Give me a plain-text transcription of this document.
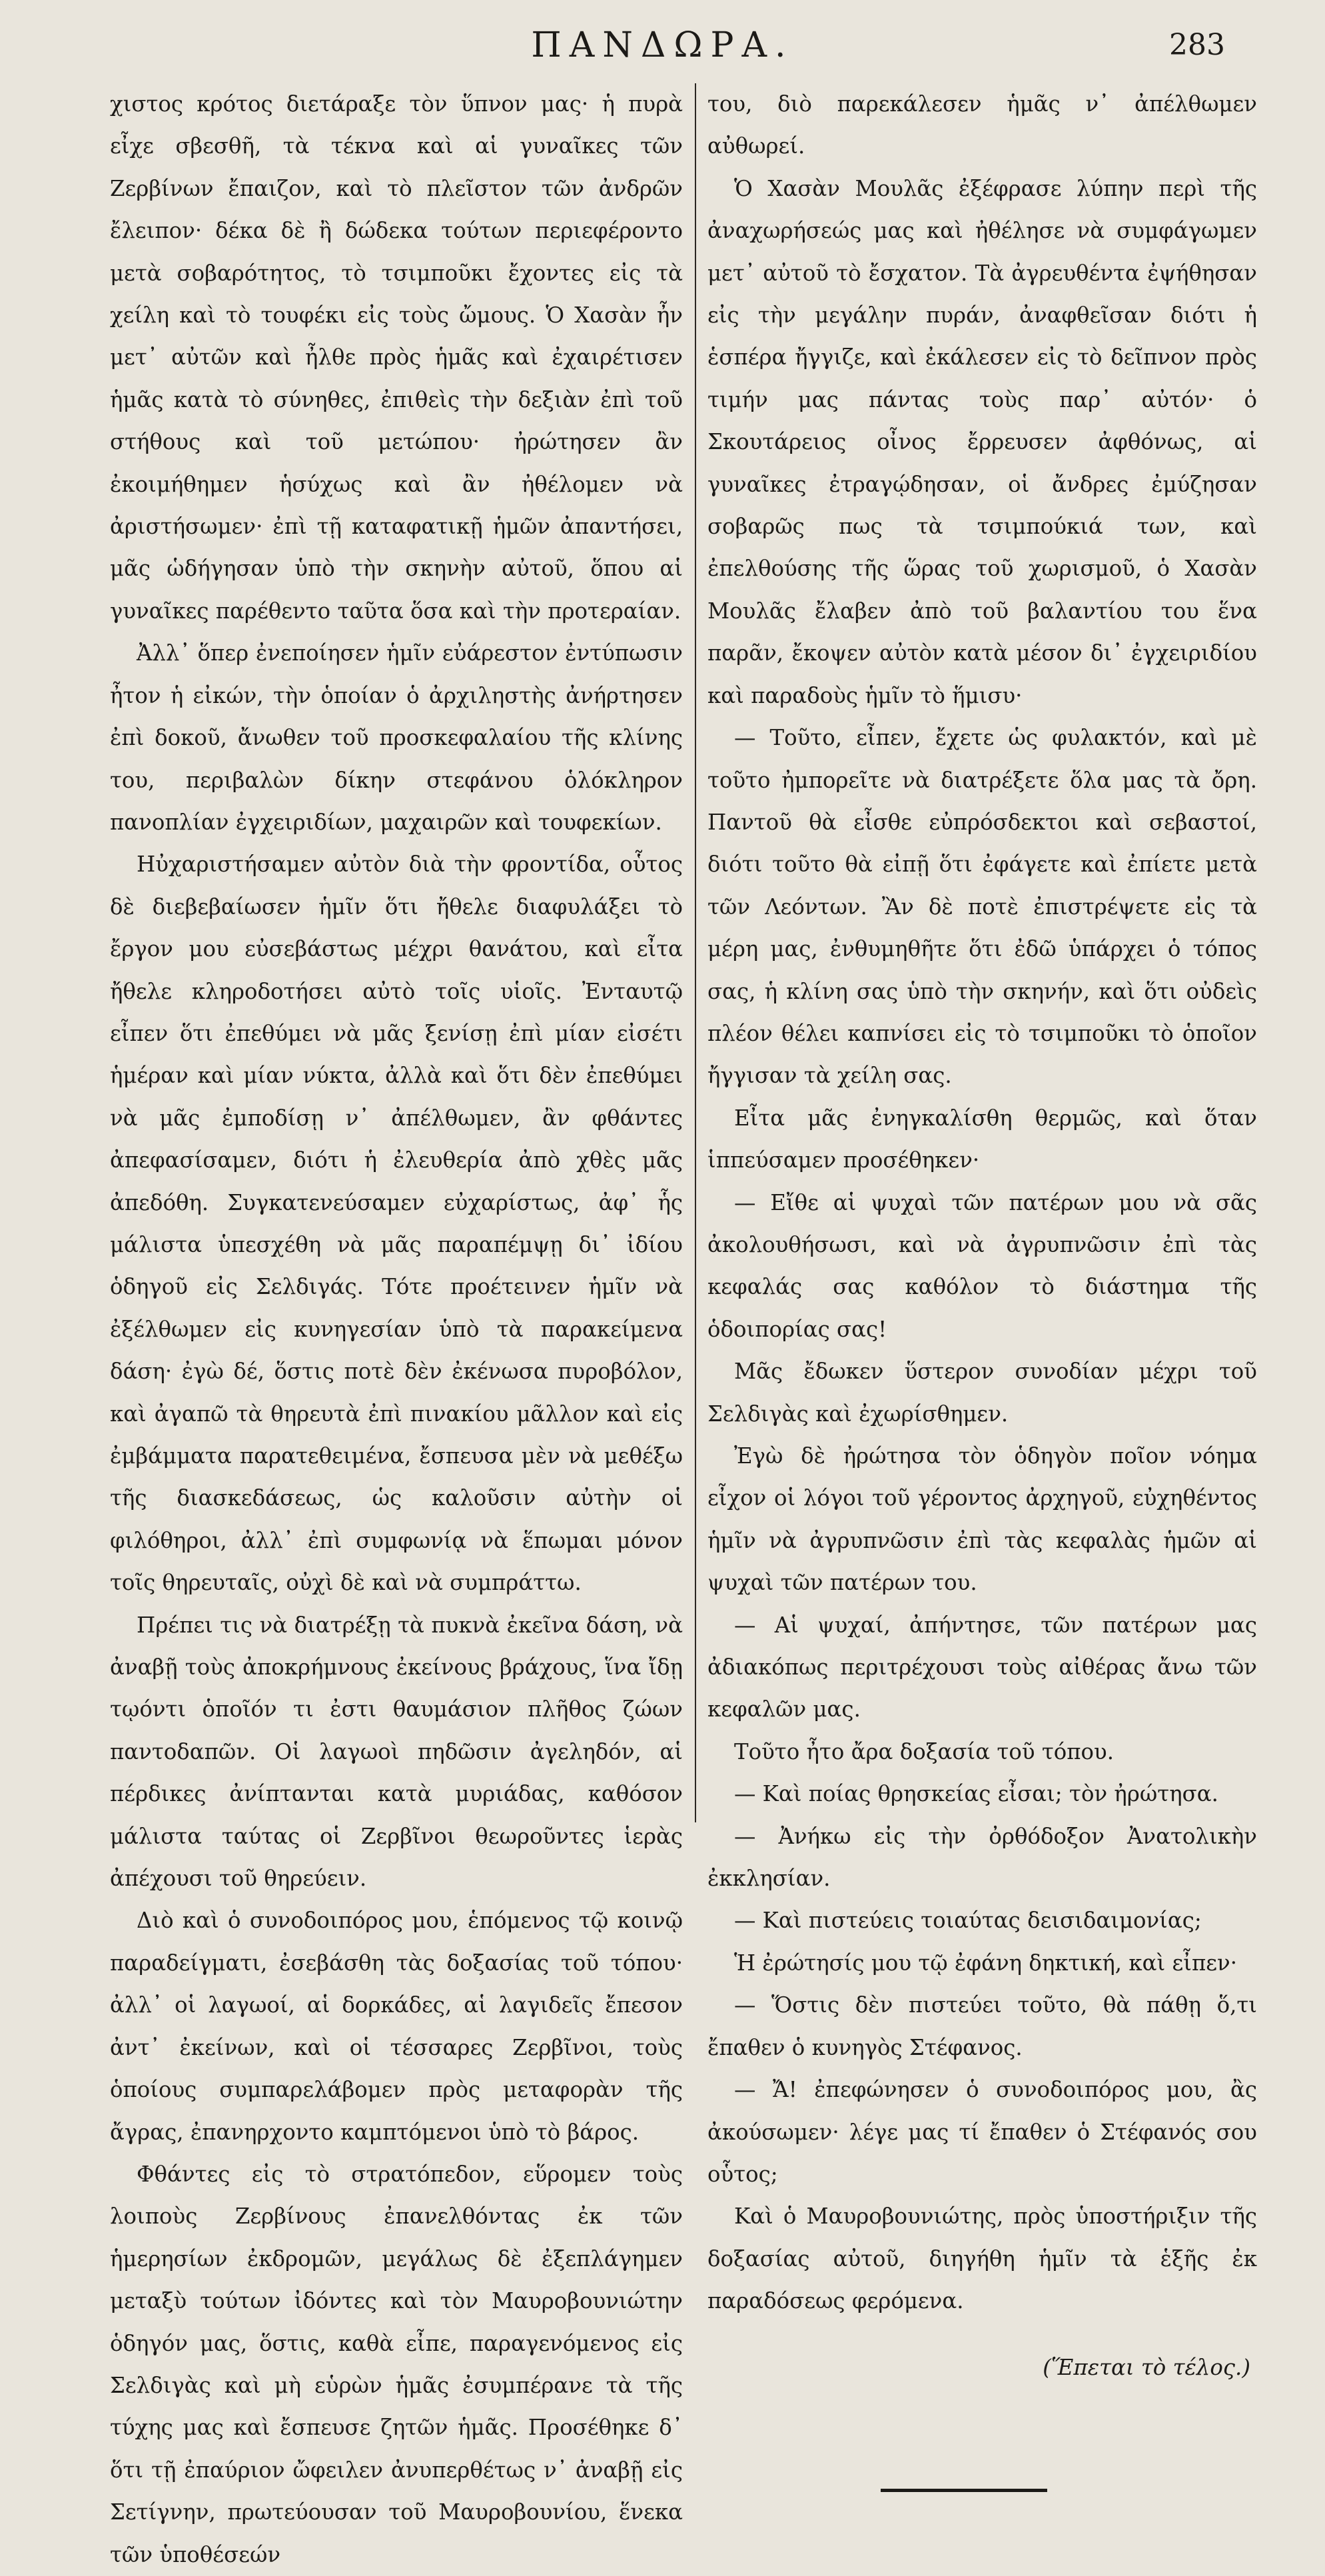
ΠΑΝΔΩΡΑ.	283

χιστος κρότος διετάραξε τὸν ὕπνον μας· ἡ πυρὰ εἶχε σβεσθῆ, τὰ τέκνα καὶ αἱ γυναῖκες τῶν Ζερβίνων ἔπαιζον, καὶ τὸ πλεῖστον τῶν ἀνδρῶν ἔλειπον· δέκα δὲ ἢ δώδεκα τούτων περιεφέροντο μετὰ σοβαρότητος, τὸ τσιμποῦκι ἔχοντες εἰς τὰ χείλη καὶ τὸ τουφέκι εἰς τοὺς ὤμους. Ὁ Χασὰν ἦν μετ᾽ αὐτῶν καὶ ἦλθε πρὸς ἡμᾶς καὶ ἐχαιρέτισεν ἡμᾶς κατὰ τὸ σύνηθες, ἐπιθεὶς τὴν δεξιὰν ἐπὶ τοῦ στήθους καὶ τοῦ μετώπου· ἠρώτησεν ἂν ἐκοιμήθημεν ἡσύχως καὶ ἂν ἠθέλομεν νὰ ἀριστήσωμεν· ἐπὶ τῇ καταφατικῇ ἡμῶν ἀπαντήσει, μᾶς ὡδήγησαν ὑπὸ τὴν σκηνὴν αὐτοῦ, ὅπου αἱ γυναῖκες παρέθεντο ταῦτα ὅσα καὶ τὴν προτεραίαν.

Ἀλλ᾽ ὅπερ ἐνεποίησεν ἡμῖν εὐάρεστον ἐντύπωσιν ἦτον ἡ εἰκών, τὴν ὁποίαν ὁ ἀρχιληστὴς ἀνήρτησεν ἐπὶ δοκοῦ, ἄνωθεν τοῦ προσκεφαλαίου τῆς κλίνης του, περιβαλὼν δίκην στεφάνου ὁλόκληρον πανοπλίαν ἐγχειριδίων, μαχαιρῶν καὶ τουφεκίων.

Ηὐχαριστήσαμεν αὐτὸν διὰ τὴν φροντίδα, οὗτος δὲ διεβεβαίωσεν ἡμῖν ὅτι ἤθελε διαφυλάξει τὸ ἔργον μου εὐσεβάστως μέχρι θανάτου, καὶ εἶτα ἤθελε κληροδοτήσει αὐτὸ τοῖς υἱοῖς. Ἐνταυτῷ εἶπεν ὅτι ἐπεθύμει νὰ μᾶς ξενίσῃ ἐπὶ μίαν εἰσέτι ἡμέραν καὶ μίαν νύκτα, ἀλλὰ καὶ ὅτι δὲν ἐπεθύμει νὰ μᾶς ἐμποδίσῃ ν᾽ ἀπέλθωμεν, ἂν φθάντες ἀπεφασίσαμεν, διότι ἡ ἐλευθερία ἀπὸ χθὲς μᾶς ἀπεδόθη. Συγκατενεύσαμεν εὐχαρίστως, ἀφ᾽ ἧς μάλιστα ὑπεσχέθη νὰ μᾶς παραπέμψῃ δι᾽ ἰδίου ὁδηγοῦ εἰς Σελδιγάς. Τότε προέτεινεν ἡμῖν νὰ ἐξέλθωμεν εἰς κυνηγεσίαν ὑπὸ τὰ παρακείμενα δάση· ἐγὼ δέ, ὅστις ποτὲ δὲν ἐκένωσα πυροβόλον, καὶ ἀγαπῶ τὰ θηρευτὰ ἐπὶ πινακίου μᾶλλον καὶ εἰς ἐμβάμματα παρατεθειμένα, ἔσπευσα μὲν νὰ μεθέξω τῆς διασκεδάσεως, ὡς καλοῦσιν αὐτὴν οἱ φιλόθηροι, ἀλλ᾽ ἐπὶ συμφωνίᾳ νὰ ἕπωμαι μόνον τοῖς θηρευταῖς, οὐχὶ δὲ καὶ νὰ συμπράττω.

Πρέπει τις νὰ διατρέξῃ τὰ πυκνὰ ἐκεῖνα δάση, νὰ ἀναβῇ τοὺς ἀποκρήμνους ἐκείνους βράχους, ἵνα ἴδῃ τῳόντι ὁποῖόν τι ἐστι θαυμάσιον πλῆθος ζώων παντοδαπῶν. Οἱ λαγωοὶ πηδῶσιν ἀγεληδόν, αἱ πέρδικες ἀνίπτανται κατὰ μυριάδας, καθόσον μάλιστα ταύτας οἱ Ζερβῖνοι θεωροῦντες ἱερὰς ἀπέχουσι τοῦ θηρεύειν.

Διὸ καὶ ὁ συνοδοιπόρος μου, ἑπόμενος τῷ κοινῷ παραδείγματι, ἐσεβάσθη τὰς δοξασίας τοῦ τόπου· ἀλλ᾽ οἱ λαγωοί, αἱ δορκάδες, αἱ λαγιδεῖς ἔπεσον ἀντ᾽ ἐκείνων, καὶ οἱ τέσσαρες Ζερβῖνοι, τοὺς ὁποίους συμπαρελάβομεν πρὸς μεταφορὰν τῆς ἄγρας, ἐπανηρχοντο καμπτόμενοι ὑπὸ τὸ βάρος.

Φθάντες εἰς τὸ στρατόπεδον, εὕρομεν τοὺς λοιποὺς Ζερβίνους ἐπανελθόντας ἐκ τῶν ἡμερησίων ἐκδρομῶν, μεγάλως δὲ ἐξεπλάγημεν μεταξὺ τούτων ἰδόντες καὶ τὸν Μαυροβουνιώτην ὁδηγόν μας, ὅστις, καθὰ εἶπε, παραγενόμενος εἰς Σελδιγὰς καὶ μὴ εὑρὼν ἡμᾶς ἐσυμπέρανε τὰ τῆς τύχης μας καὶ ἔσπευσε ζητῶν ἡμᾶς. Προσέθηκε δ᾽ ὅτι τῇ ἐπαύριον ὤφειλεν ἀνυπερθέτως ν᾽ ἀναβῇ εἰς Σετίγνην, πρωτεύουσαν τοῦ Μαυροβουνίου, ἕνεκα τῶν ὑποθέσεών

του, διὸ παρεκάλεσεν ἡμᾶς ν᾽ ἀπέλθωμεν αὐθωρεί.

Ὁ Χασὰν Μουλᾶς ἐξέφρασε λύπην περὶ τῆς ἀναχωρήσεώς μας καὶ ἠθέλησε νὰ συμφάγωμεν μετ᾽ αὐτοῦ τὸ ἔσχατον. Τὰ ἀγρευθέντα ἐψήθησαν εἰς τὴν μεγάλην πυράν, ἀναφθεῖσαν διότι ἡ ἑσπέρα ἤγγιζε, καὶ ἐκάλεσεν εἰς τὸ δεῖπνον πρὸς τιμήν μας πάντας τοὺς παρ᾽ αὐτόν· ὁ Σκουτάρειος οἶνος ἔρρευσεν ἀφθόνως, αἱ γυναῖκες ἐτραγῴδησαν, οἱ ἄνδρες ἐμύζησαν σοβαρῶς πως τὰ τσιμπούκιά των, καὶ ἐπελθούσης τῆς ὥρας τοῦ χωρισμοῦ, ὁ Χασὰν Μουλᾶς ἔλαβεν ἀπὸ τοῦ βαλαντίου του ἕνα παρᾶν, ἔκοψεν αὐτὸν κατὰ μέσον δι᾽ ἐγχειριδίου καὶ παραδοὺς ἡμῖν τὸ ἥμισυ·

— Τοῦτο, εἶπεν, ἔχετε ὡς φυλακτόν, καὶ μὲ τοῦτο ἠμπορεῖτε νὰ διατρέξετε ὅλα μας τὰ ὄρη. Παντοῦ θὰ εἶσθε εὐπρόσδεκτοι καὶ σεβαστοί, διότι τοῦτο θὰ εἰπῇ ὅτι ἐφάγετε καὶ ἐπίετε μετὰ τῶν Λεόντων. Ἂν δὲ ποτὲ ἐπιστρέψετε εἰς τὰ μέρη μας, ἐνθυμηθῆτε ὅτι ἐδῶ ὑπάρχει ὁ τόπος σας, ἡ κλίνη σας ὑπὸ τὴν σκηνήν, καὶ ὅτι οὐδεὶς πλέον θέλει καπνίσει εἰς τὸ τσιμποῦκι τὸ ὁποῖον ἤγγισαν τὰ χείλη σας.

Εἶτα μᾶς ἐνηγκαλίσθη θερμῶς, καὶ ὅταν ἱππεύσαμεν προσέθηκεν·

— Εἴθε αἱ ψυχαὶ τῶν πατέρων μου νὰ σᾶς ἀκολουθήσωσι, καὶ νὰ ἀγρυπνῶσιν ἐπὶ τὰς κεφαλάς σας καθόλον τὸ διάστημα τῆς ὁδοιπορίας σας!

Μᾶς ἔδωκεν ὕστερον συνοδίαν μέχρι τοῦ Σελδιγὰς καὶ ἐχωρίσθημεν.

Ἐγὼ δὲ ἠρώτησα τὸν ὁδηγὸν ποῖον νόημα εἶχον οἱ λόγοι τοῦ γέροντος ἀρχηγοῦ, εὐχηθέντος ἡμῖν νὰ ἀγρυπνῶσιν ἐπὶ τὰς κεφαλὰς ἡμῶν αἱ ψυχαὶ τῶν πατέρων του.

— Αἱ ψυχαί, ἀπήντησε, τῶν πατέρων μας ἀδιακόπως περιτρέχουσι τοὺς αἰθέρας ἄνω τῶν κεφαλῶν μας.

Τοῦτο ἦτο ἄρα δοξασία τοῦ τόπου.

— Καὶ ποίας θρησκείας εἶσαι; τὸν ἠρώτησα.

— Ἀνήκω εἰς τὴν ὀρθόδοξον Ἀνατολικὴν ἐκκλησίαν.

— Καὶ πιστεύεις τοιαύτας δεισιδαιμονίας;

Ἡ ἐρώτησίς μου τῷ ἐφάνη δηκτική, καὶ εἶπεν·

— Ὅστις δὲν πιστεύει τοῦτο, θὰ πάθῃ ὅ,τι ἔπαθεν ὁ κυνηγὸς Στέφανος.

— Ἄ! ἐπεφώνησεν ὁ συνοδοιπόρος μου, ἂς ἀκούσωμεν· λέγε μας τί ἔπαθεν ὁ Στέφανός σου οὗτος;

Καὶ ὁ Μαυροβουνιώτης, πρὸς ὑποστήριξιν τῆς δοξασίας αὐτοῦ, διηγήθη ἡμῖν τὰ ἑξῆς ἐκ παραδόσεως φερόμενα.

(Ἕπεται τὸ τέλος.)
